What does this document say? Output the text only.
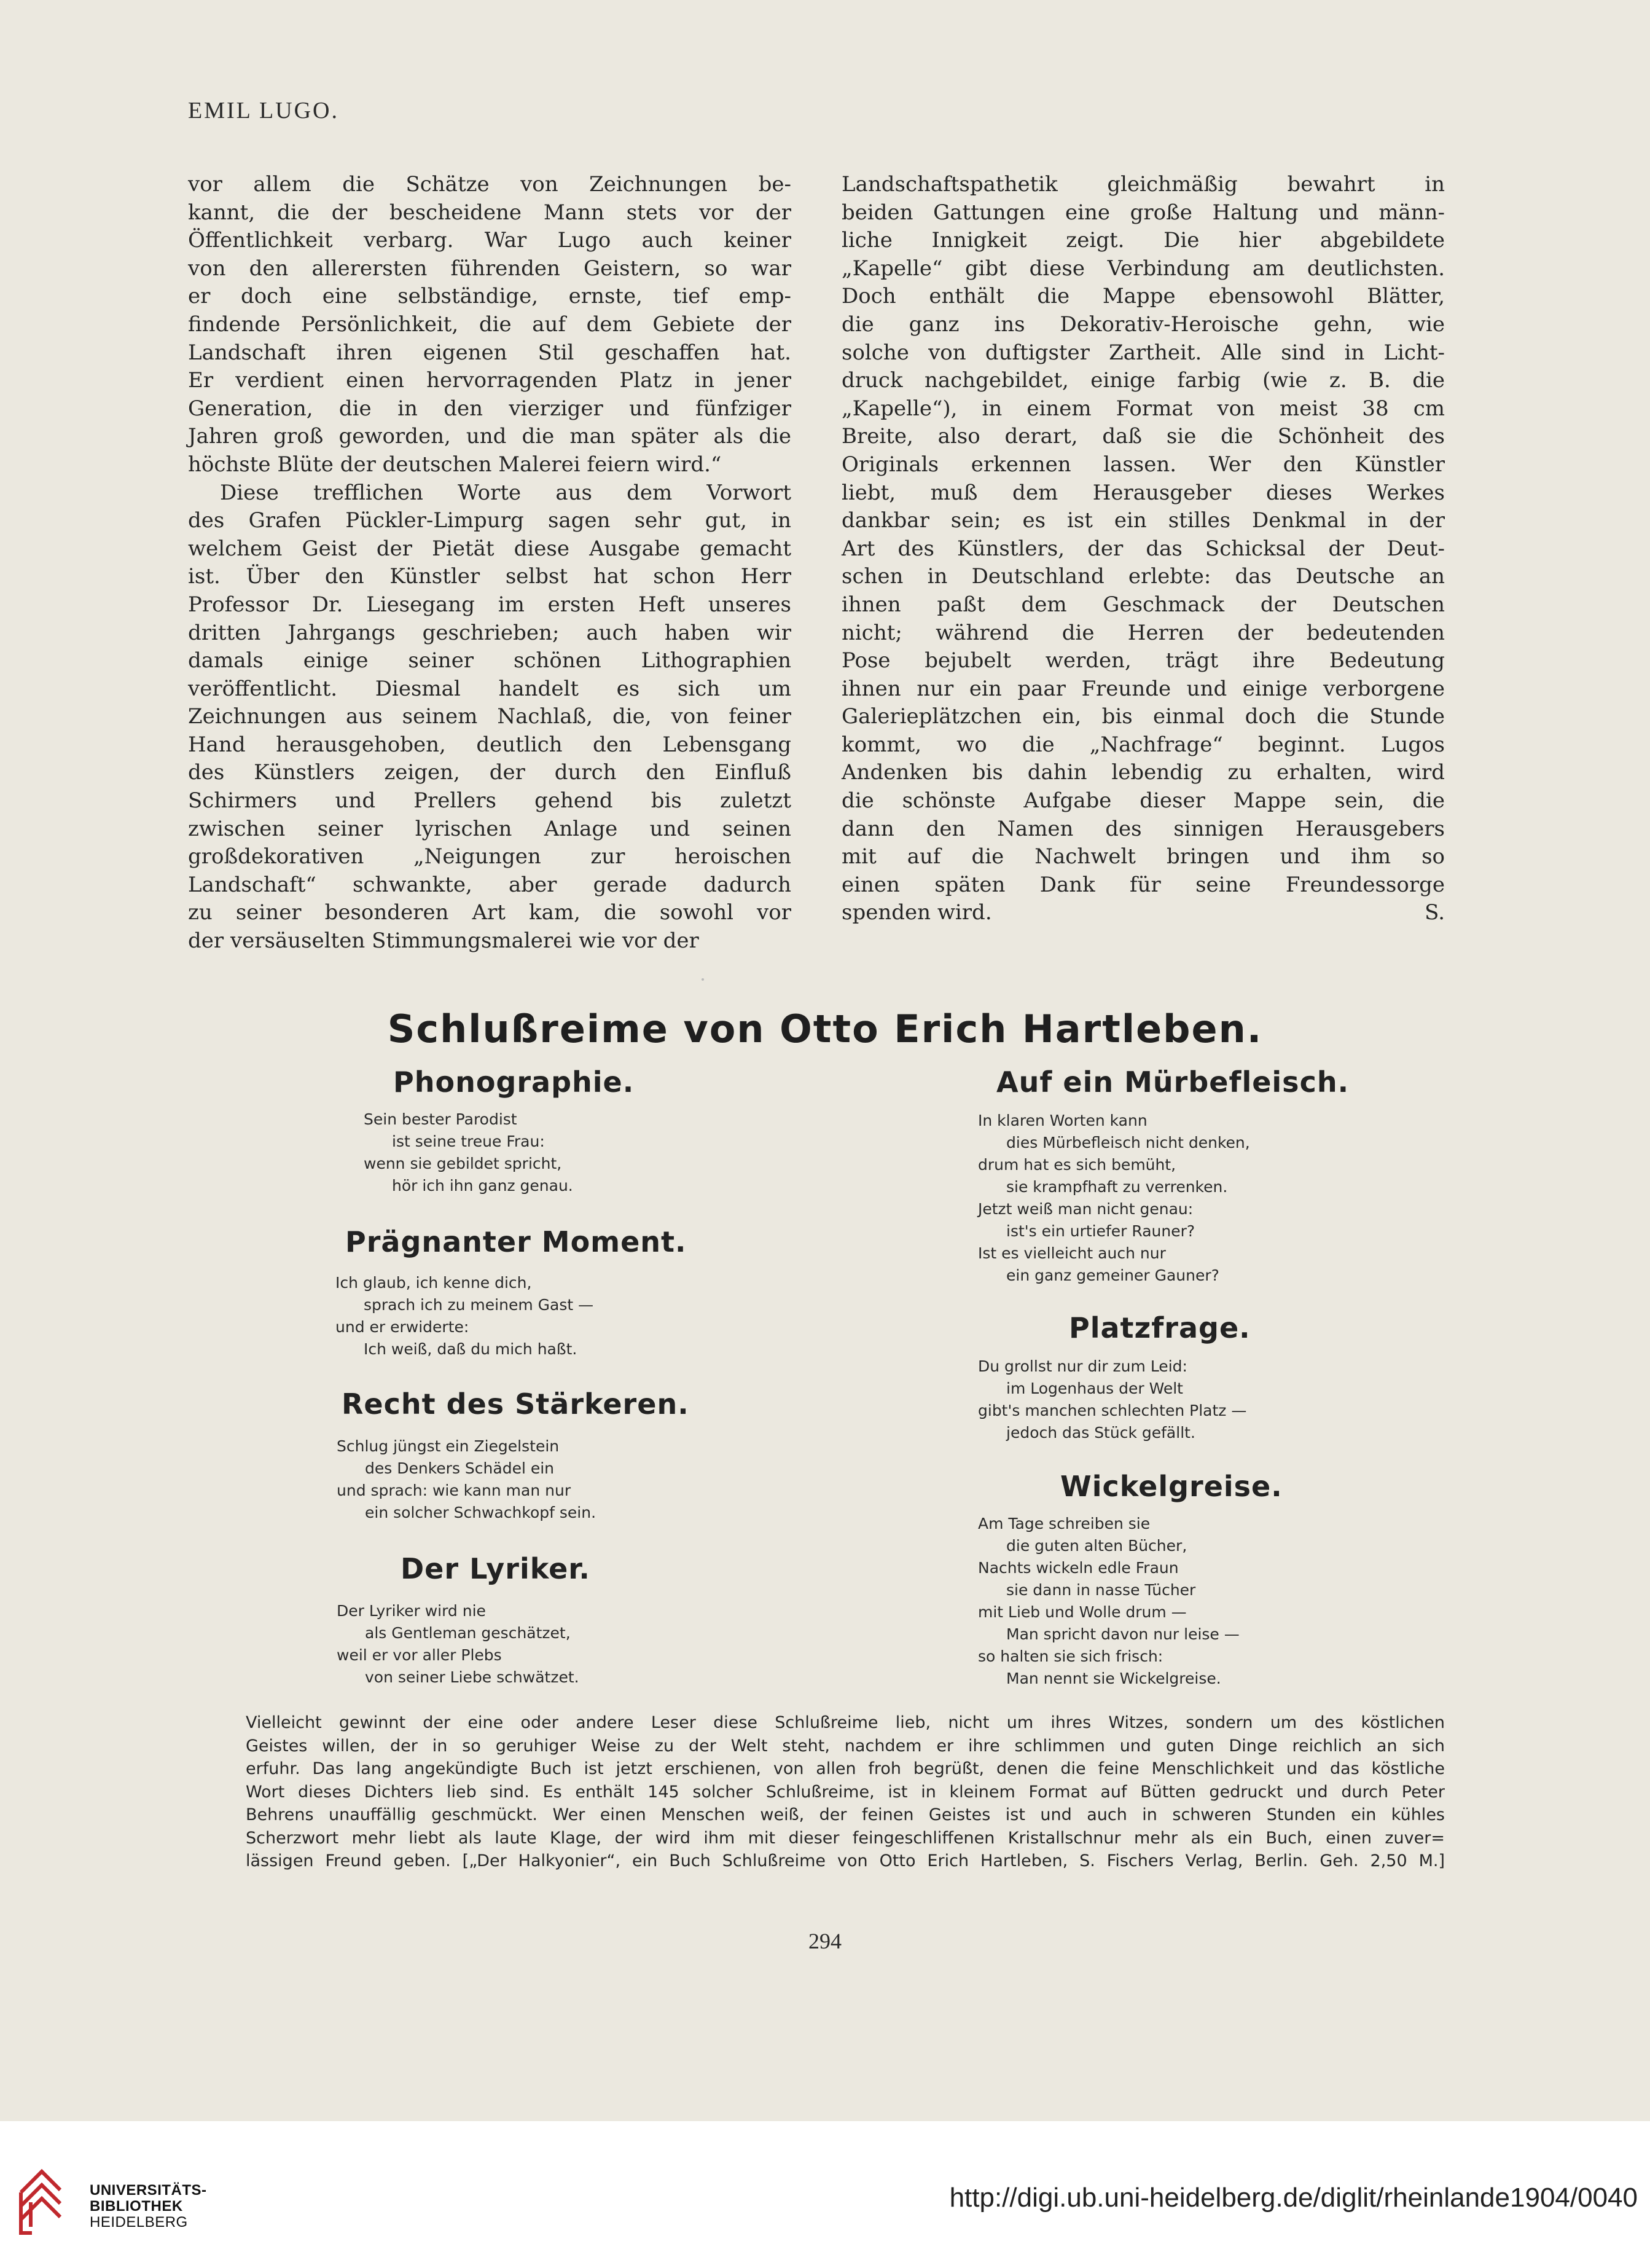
EMIL LUGO.

vor allem die Schätze von Zeichnungen be-

kannt, die der bescheidene Mann stets vor der

Öffentlichkeit verbarg. War Lugo auch keiner

von den allerersten führenden Geistern, so war

er doch eine selbständige, ernste, tief emp-

findende Persönlichkeit, die auf dem Gebiete der

Landschaft ihren eigenen Stil geschaffen hat.

Er verdient einen hervorragenden Platz in jener

Generation, die in den vierziger und fünfziger

Jahren groß geworden, und die man später als die

höchste Blüte der deutschen Malerei feiern wird.“

Diese trefflichen Worte aus dem Vorwort

des Grafen Pückler-Limpurg sagen sehr gut, in

welchem Geist der Pietät diese Ausgabe gemacht

ist. Über den Künstler selbst hat schon Herr

Professor Dr. Liesegang im ersten Heft unseres

dritten Jahrgangs geschrieben; auch haben wir

damals einige seiner schönen Lithographien

veröffentlicht. Diesmal handelt es sich um

Zeichnungen aus seinem Nachlaß, die, von feiner

Hand herausgehoben, deutlich den Lebensgang

des Künstlers zeigen, der durch den Einfluß

Schirmers und Prellers gehend bis zuletzt

zwischen seiner lyrischen Anlage und seinen

großdekorativen „Neigungen zur heroischen

Landschaft“ schwankte, aber gerade dadurch

zu seiner besonderen Art kam, die sowohl vor

der versäuselten Stimmungsmalerei wie vor der

Landschaftspathetik gleichmäßig bewahrt in

beiden Gattungen eine große Haltung und männ-

liche Innigkeit zeigt. Die hier abgebildete

„Kapelle“ gibt diese Verbindung am deutlichsten.

Doch enthält die Mappe ebensowohl Blätter,

die ganz ins Dekorativ-Heroische gehn, wie

solche von duftigster Zartheit. Alle sind in Licht-

druck nachgebildet, einige farbig (wie z. B. die

„Kapelle“), in einem Format von meist 38 cm

Breite, also derart, daß sie die Schönheit des

Originals erkennen lassen. Wer den Künstler

liebt, muß dem Herausgeber dieses Werkes

dankbar sein; es ist ein stilles Denkmal in der

Art des Künstlers, der das Schicksal der Deut-

schen in Deutschland erlebte: das Deutsche an

ihnen paßt dem Geschmack der Deutschen

nicht; während die Herren der bedeutenden

Pose bejubelt werden, trägt ihre Bedeutung

ihnen nur ein paar Freunde und einige verborgene

Galerieplätzchen ein, bis einmal doch die Stunde

kommt, wo die „Nachfrage“ beginnt. Lugos

Andenken bis dahin lebendig zu erhalten, wird

die schönste Aufgabe dieser Mappe sein, die

dann den Namen des sinnigen Herausgebers

mit auf die Nachwelt bringen und ihm so

einen späten Dank für seine Freundessorge

spenden wird.	S.

Schlußreime von Otto Erich Hartleben.
Phonographie.
Sein bester Parodist
ist seine treue Frau:
wenn sie gebildet spricht,
hör ich ihn ganz genau.
Prägnanter Moment.
Ich glaub, ich kenne dich,
sprach ich zu meinem Gast —
und er erwiderte:
Ich weiß, daß du mich haßt.
Recht des Stärkeren.
Schlug jüngst ein Ziegelstein
des Denkers Schädel ein
und sprach: wie kann man nur
ein solcher Schwachkopf sein.
Der Lyriker.
Der Lyriker wird nie
als Gentleman geschätzet,
weil er vor aller Plebs
von seiner Liebe schwätzet.
Auf ein Mürbefleisch.
In klaren Worten kann
dies Mürbefleisch nicht denken,
drum hat es sich bemüht,
sie krampfhaft zu verrenken.
Jetzt weiß man nicht genau:
ist's ein urtiefer Rauner?
Ist es vielleicht auch nur
ein ganz gemeiner Gauner?
Platzfrage.
Du grollst nur dir zum Leid:
im Logenhaus der Welt
gibt's manchen schlechten Platz —
jedoch das Stück gefällt.
Wickelgreise.
Am Tage schreiben sie
die guten alten Bücher,
Nachts wickeln edle Fraun
sie dann in nasse Tücher
mit Lieb und Wolle drum —
Man spricht davon nur leise —
so halten sie sich frisch:
Man nennt sie Wickelgreise.
Vielleicht gewinnt der eine oder andere Leser diese Schlußreime lieb, nicht um ihres Witzes, sondern um des köstlichen
Geistes willen, der in so geruhiger Weise zu der Welt steht, nachdem er ihre schlimmen und guten Dinge reichlich an sich
erfuhr. Das lang angekündigte Buch ist jetzt erschienen, von allen froh begrüßt, denen die feine Menschlichkeit und das köstliche
Wort dieses Dichters lieb sind. Es enthält 145 solcher Schlußreime, ist in kleinem Format auf Bütten gedruckt und durch Peter
Behrens unauffällig geschmückt. Wer einen Menschen weiß, der feinen Geistes ist und auch in schweren Stunden ein kühles
Scherzwort mehr liebt als laute Klage, der wird ihm mit dieser feingeschliffenen Kristallschnur mehr als ein Buch, einen zuver=
lässigen Freund geben. [„Der Halkyonier“, ein Buch Schlußreime von Otto Erich Hartleben, S. Fischers Verlag, Berlin. Geh. 2,50 M.]
294
UNIVERSITÄTS-
BIBLIOTHEK
HEIDELBERG
http://digi.ub.uni-heidelberg.de/diglit/rheinlande1904/0040
